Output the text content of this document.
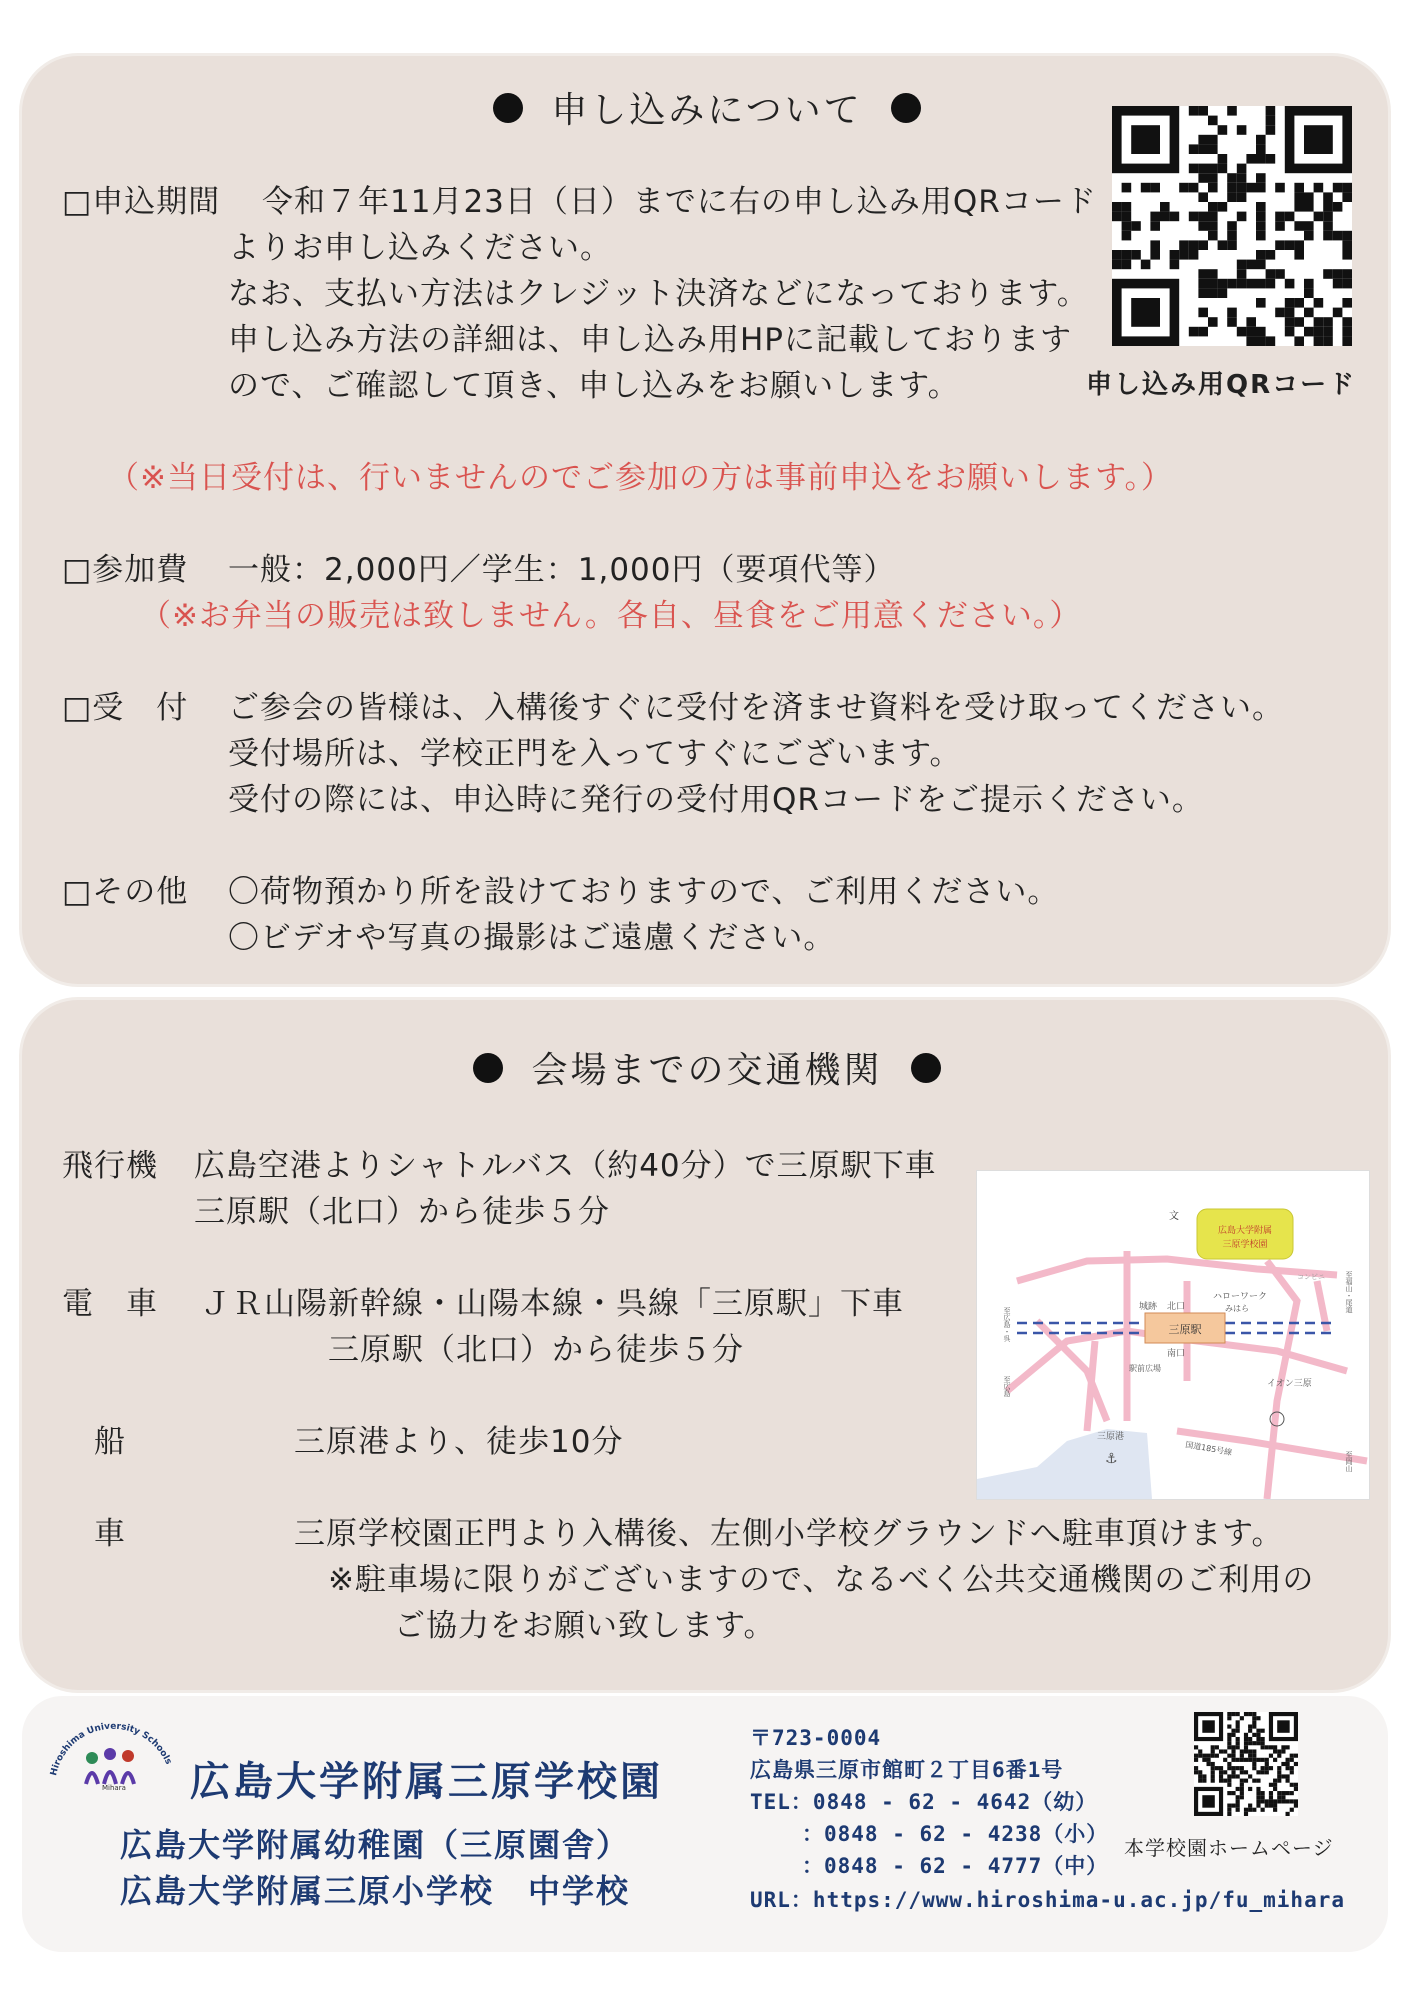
申し込みについて
□申込期間 令和７年11月23日（日）までに右の申し込み用QRコード
よりお申し込みください。
なお、支払い方法はクレジット決済などになっております。
申し込み方法の詳細は、申し込み用HPに記載しております
ので、ご確認して頂き、申し込みをお願いします。	申し込み用QRコード
（※当日受付は、行いませんのでご参加の方は事前申込をお願いします。）
□参加費 一般：2,000円／学生：1,000円（要項代等）
（※お弁当の販売は致しません。各自、昼食をご用意ください。）
□受　付 ご参会の皆様は、入構後すぐに受付を済ませ資料を受け取ってください。
受付場所は、学校正門を入ってすぐにございます。
受付の際には、申込時に発行の受付用QRコードをご提示ください。
□その他 〇荷物預かり所を設けておりますので、ご利用ください。
〇ビデオや写真の撮影はご遠慮ください。
会場までの交通機関
飛行機 広島空港よりシャトルバス（約40分）で三原駅下車
三原駅（北口）から徒歩５分
電　車 ＪＲ山陽新幹線・山陽本線・呉線「三原駅」下車
三原駅（北口）から徒歩５分
船	三原港より、徒歩10分
車	三原学校園正門より入構後、左側小学校グラウンドへ駐車頂けます。
※駐車場に限りがございますので、なるべく公共交通機関のご利用の
ご協力をお願い致します。
三原駅
北口
南口
城跡
ハローワーク
みはら
駅前広場
イオン三原
三原港
国道185号線
コンビニ
文
広島大学附属
三原学校園
至広島・呉
至広島
至福山・尾道
至岡山
⚓
Hiroshima University Schools
Mihara 広島大学附属三原学校園
広島大学附属幼稚園（三原園舎）
広島大学附属三原小学校　中学校
〒723-0004
広島県三原市館町２丁目6番1号
TEL：0848 - 62 - 4642（幼）
：0848 - 62 - 4238（小）
：0848 - 62 - 4777（中）
URL：https://www.hiroshima-u.ac.jp/fu_mihara
本学校園ホームページ
